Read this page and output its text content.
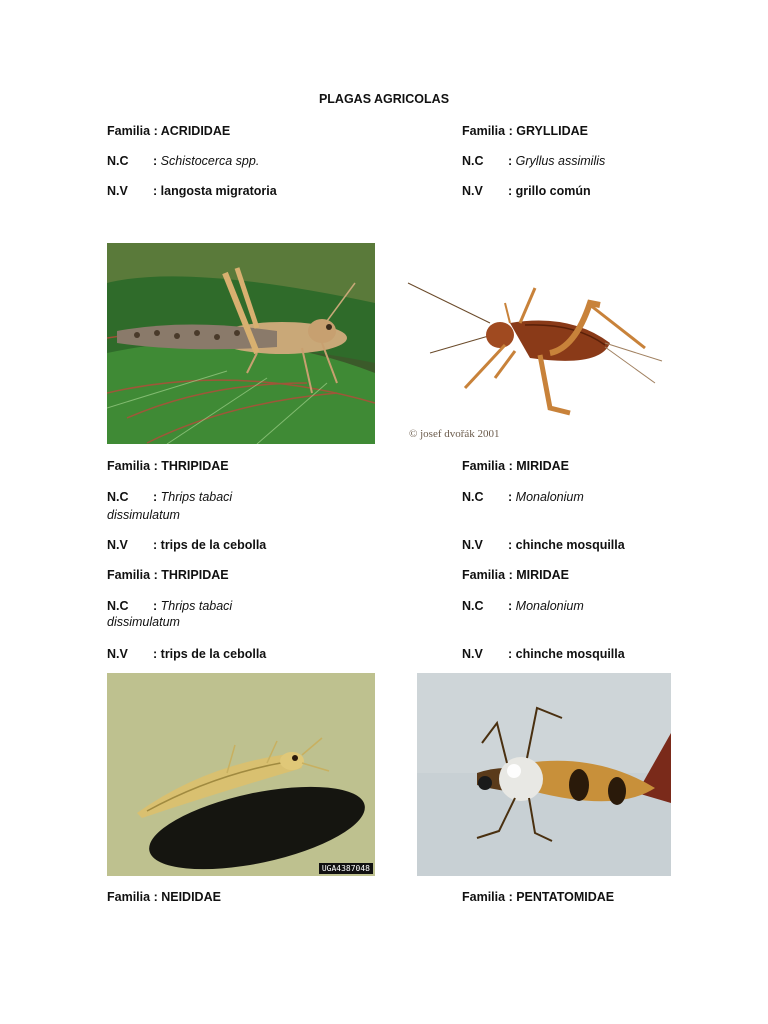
PLAGAS AGRICOLAS
Familia : ACRIDIDAE
N.C : Schistocerca spp.
N.V : langosta migratoria
Familia : GRYLLIDAE
N.C : Gryllus assimilis
N.V : grillo común
© josef dvořák 2001
Familia : THRIPIDAE
N.C : Thrips tabaci
dissimulatum
N.V : trips de la cebolla
Familia : MIRIDAE
N.C : Monalonium
N.V : chinche mosquilla
Familia : THRIPIDAE
N.C : Thrips tabaci
dissimulatum
N.V : trips de la cebolla
Familia : MIRIDAE
N.C : Monalonium
N.V : chinche mosquilla
UGA4387048
Familia : NEIDIDAE	Familia : PENTATOMIDAE
